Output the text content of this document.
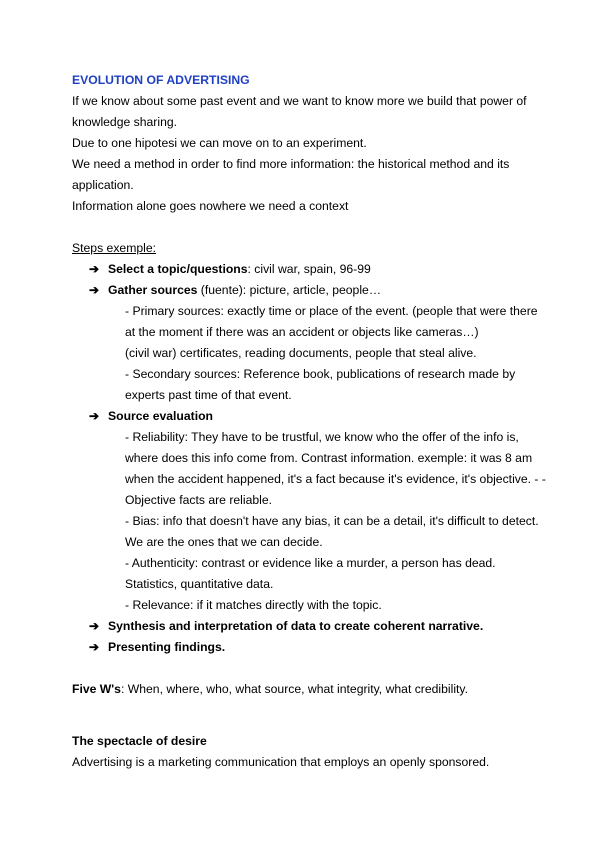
EVOLUTION OF ADVERTISING
If we know about some past event and we want to know more we build that power of
knowledge sharing.
Due to one hipotesi we can move on to an experiment.
We need a method in order to find more information: the historical method and its
application.
Information alone goes nowhere we need a context
Steps exemple:
➔ Select a topic/questions: civil war, spain, 96-99
➔ Gather sources (fuente): picture, article, people…
- Primary sources: exactly time or place of the event. (people that were there
at the moment if there was an accident or objects like cameras…)
(civil war) certificates, reading documents, people that steal alive.
- Secondary sources: Reference book, publications of research made by
experts past time of that event.
➔ Source evaluation
- Reliability: They have to be trustful, we know who the offer of the info is,
where does this info come from. Contrast information. exemple: it was 8 am
when the accident happened, it's a fact because it's evidence, it's objective. - -
Objective facts are reliable.
- Bias: info that doesn't have any bias, it can be a detail, it's difficult to detect.
We are the ones that we can decide.
- Authenticity: contrast or evidence like a murder, a person has dead.
Statistics, quantitative data.
- Relevance: if it matches directly with the topic.
➔ Synthesis and interpretation of data to create coherent narrative.
➔ Presenting findings.
Five W's: When, where, who, what source, what integrity, what credibility.
The spectacle of desire
Advertising is a marketing communication that employs an openly sponsored.
